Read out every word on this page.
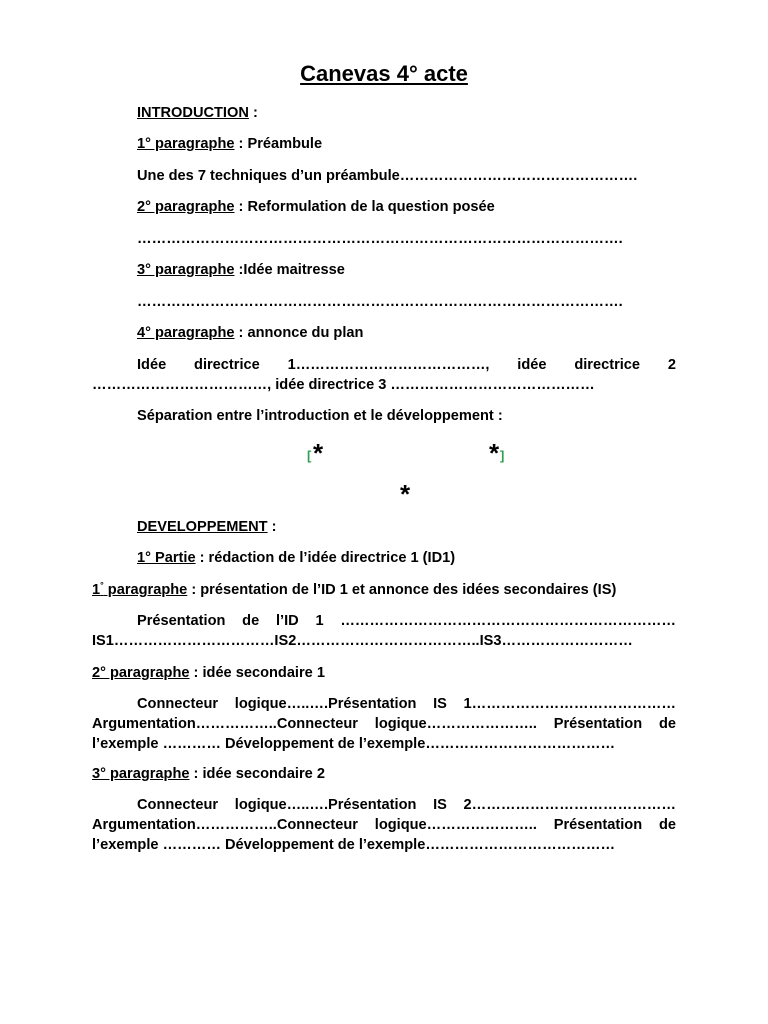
Canevas 4° acte
INTRODUCTION :
1° paragraphe : Préambule
Une des 7 techniques d’un préambule………………………………………….
2° paragraphe : Reformulation de la question posée
……………………………………………………………………………………….
3° paragraphe :Idée maitresse
……………………………………………………………………………………….
4° paragraphe : annonce du plan
Idée directrice 1…………………………………, idée directrice 2 ………………………………, idée directrice 3 ……………………………………
Séparation entre l’introduction et le développement :
[ *	* ]
*
DEVELOPPEMENT :
1° Partie : rédaction de l’idée directrice 1 (ID1)
1° paragraphe : présentation de l’ID 1 et annonce des idées secondaires (IS)
Présentation de l’ID 1 …………………………………………………………… IS1……………………………IS2………………………………..IS3………………………
2° paragraphe : idée secondaire 1
Connecteur logique…..….Présentation IS 1…………………………………… Argumentation……………..Connecteur logique………………….. Présentation de l’exemple ………… Développement de l’exemple…………………………………
3° paragraphe : idée secondaire 2
Connecteur logique…..….Présentation IS 2…………………………………… Argumentation……………..Connecteur logique………………….. Présentation de l’exemple ………… Développement de l’exemple…………………………………
